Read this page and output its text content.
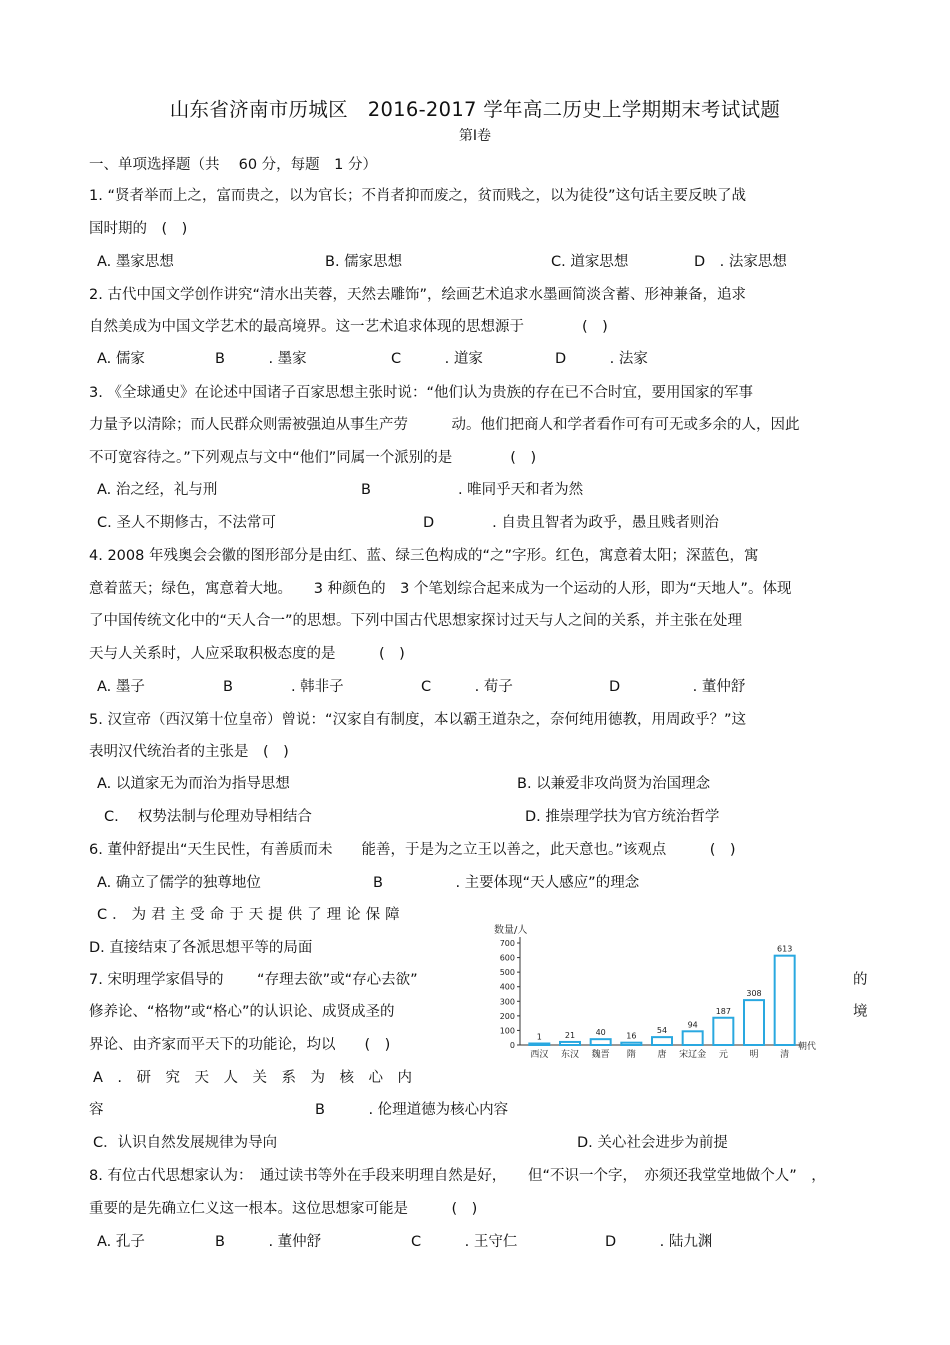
山东省济南市历城区　2016-2017 学年高二历史上学期期末考试试题
第Ⅰ卷
一、单项选择题（共　 60 分，每题　1 分）
1. “贤者举而上之，富而贵之，以为官长；不肖者抑而废之，贫而贱之，以为徒役”这句话主要反映了战
国时期的　(　)
A. 墨家思想	B. 儒家思想	C. 道家思想	D　. 法家思想
2. 古代中国文学创作讲究“清水出芙蓉，天然去雕饰”，绘画艺术追求水墨画简淡含蓄、形神兼备，追求
自然美成为中国文学艺术的最高境界。这一艺术追求体现的思想源于　　　　(　)
A. 儒家	B　　　. 墨家	C　　　. 道家	D　　　. 法家
3. 《全球通史》在论述中国诸子百家思想主张时说：“他们认为贵族的存在已不合时宜，要用国家的军事
力量予以清除；而人民群众则需被强迫从事生产劳　　　动。他们把商人和学者看作可有可无或多余的人，因此
不可宽容待之。”下列观点与文中“他们”同属一个派别的是　　　　(　)
A. 治之经，礼与刑	B　　　　　　. 唯同乎天和者为然
C. 圣人不期修古，不法常可	D　　　　. 自贵且智者为政乎，愚且贱者则治
4. 2008 年残奥会会徽的图形部分是由红、蓝、绿三色构成的“之”字形。红色，寓意着太阳；深蓝色，寓
意着蓝天；绿色，寓意着大地。　　3 种颜色的　3 个笔划综合起来成为一个运动的人形，即为“天地人”。体现
了中国传统文化中的“天人合一”的思想。下列中国古代思想家探讨过天与人之间的关系，并主张在处理
天与人关系时，人应采取积极态度的是　　　(　)
A. 墨子	B　　　　. 韩非子	C　　　. 荀子	D　　　　　. 董仲舒
5. 汉宣帝（西汉第十位皇帝）曾说：“汉家自有制度，本以霸王道杂之，奈何纯用德教，用周政乎？”这
表明汉代统治者的主张是　(　)
A. 以道家无为而治为指导思想	B. 以兼爱非攻尚贤为治国理念
C.　 权势法制与伦理劝导相结合	D. 推崇理学扶为官方统治哲学
6. 董仲舒提出“天生民性，有善质而未　　能善，于是为之立王以善之，此天意也。”该观点　　　(　)
A. 确立了儒学的独尊地位	B　　　　　. 主要体现“天人感应”的理念
C．为君主受命于天提供了理论保障
D. 直接结束了各派思想平等的局面
7. 宋明理学家倡导的　　 “存理去欲”或“存心去欲”	的
修养论、“格物”或“格心”的认识论、成贤成圣的	境
界论、由齐家而平天下的功能论，均以　　(　)
A　.　研　究　天　人　关　系　为　核　心　内
容	B　　　. 伦理道德为核心内容
C．认识自然发展规律为导向	D. 关心社会进步为前提
8. 有位古代思想家认为：　通过读书等外在手段来明理自然是好，　　但“不识一个字，　亦须还我堂堂地做个人”　，
重要的是先确立仁义这一根本。这位思想家可能是　　　(　)
A. 孔子	B　　　. 董仲舒	C　　　. 王守仁	D　　　. 陆九渊
数量/人
朝代
0
100
200
300
400
500
600
700
1
西汉
21
东汉
40
魏晋
16
隋
54
唐
94
宋辽金
187
元
308
明
613
清
